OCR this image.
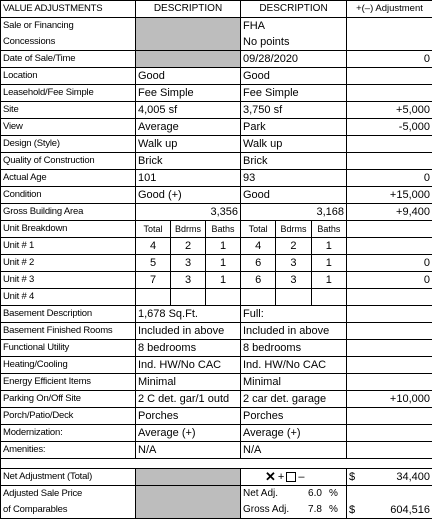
VALUE ADJUSTMENTS	DESCRIPTION	DESCRIPTION	+(–) Adjustment
Sale or Financing		FHA	
Concessions		No points	
Date of Sale/Time		09/28/2020	0
Location	Good	Good	
Leasehold/Fee Simple	Fee Simple	Fee Simple	
Site	4,005 sf	3,750 sf	+5,000
View	Average	Park	-5,000
Design (Style)	Walk up	Walk up	
Quality of Construction	Brick	Brick	
Actual Age	101	93	0
Condition	Good (+)	Good	+15,000
Gross Building Area	3,356	3,168	+9,400
Unit Breakdown	Total Bdrms Baths	Total Bdrms Baths	

Unit # 1	4 2 1	4 2 1	

Unit # 2	5 3 1	6 3 1	0
Unit # 3	7 3 1	6 3 1	0
Unit # 4	

Basement Description	1,678 Sq.Ft.	Full:	
Basement Finished Rooms	Included in above	Included in above	
Functional Utility	8 bedrooms	8 bedrooms	
Heating/Cooling	Ind. HW/No CAC	Ind. HW/No CAC	
Energy Efficient Items	Minimal	Minimal	
Parking On/Off Site	2 C det. gar/1 outd	2 car det. garage	+10,000
Porch/Patio/Deck	Porches	Porches	
Modernization:	Average (+)	Average (+)	
Amenities:	N/A	N/A	

Net Adjustment (Total)		✕ + –	$ 34,400
Adjusted Sale Price		Net Adj. 6.0 %	

of Comparables		Gross Adj. 7.8 %	$ 604,516
